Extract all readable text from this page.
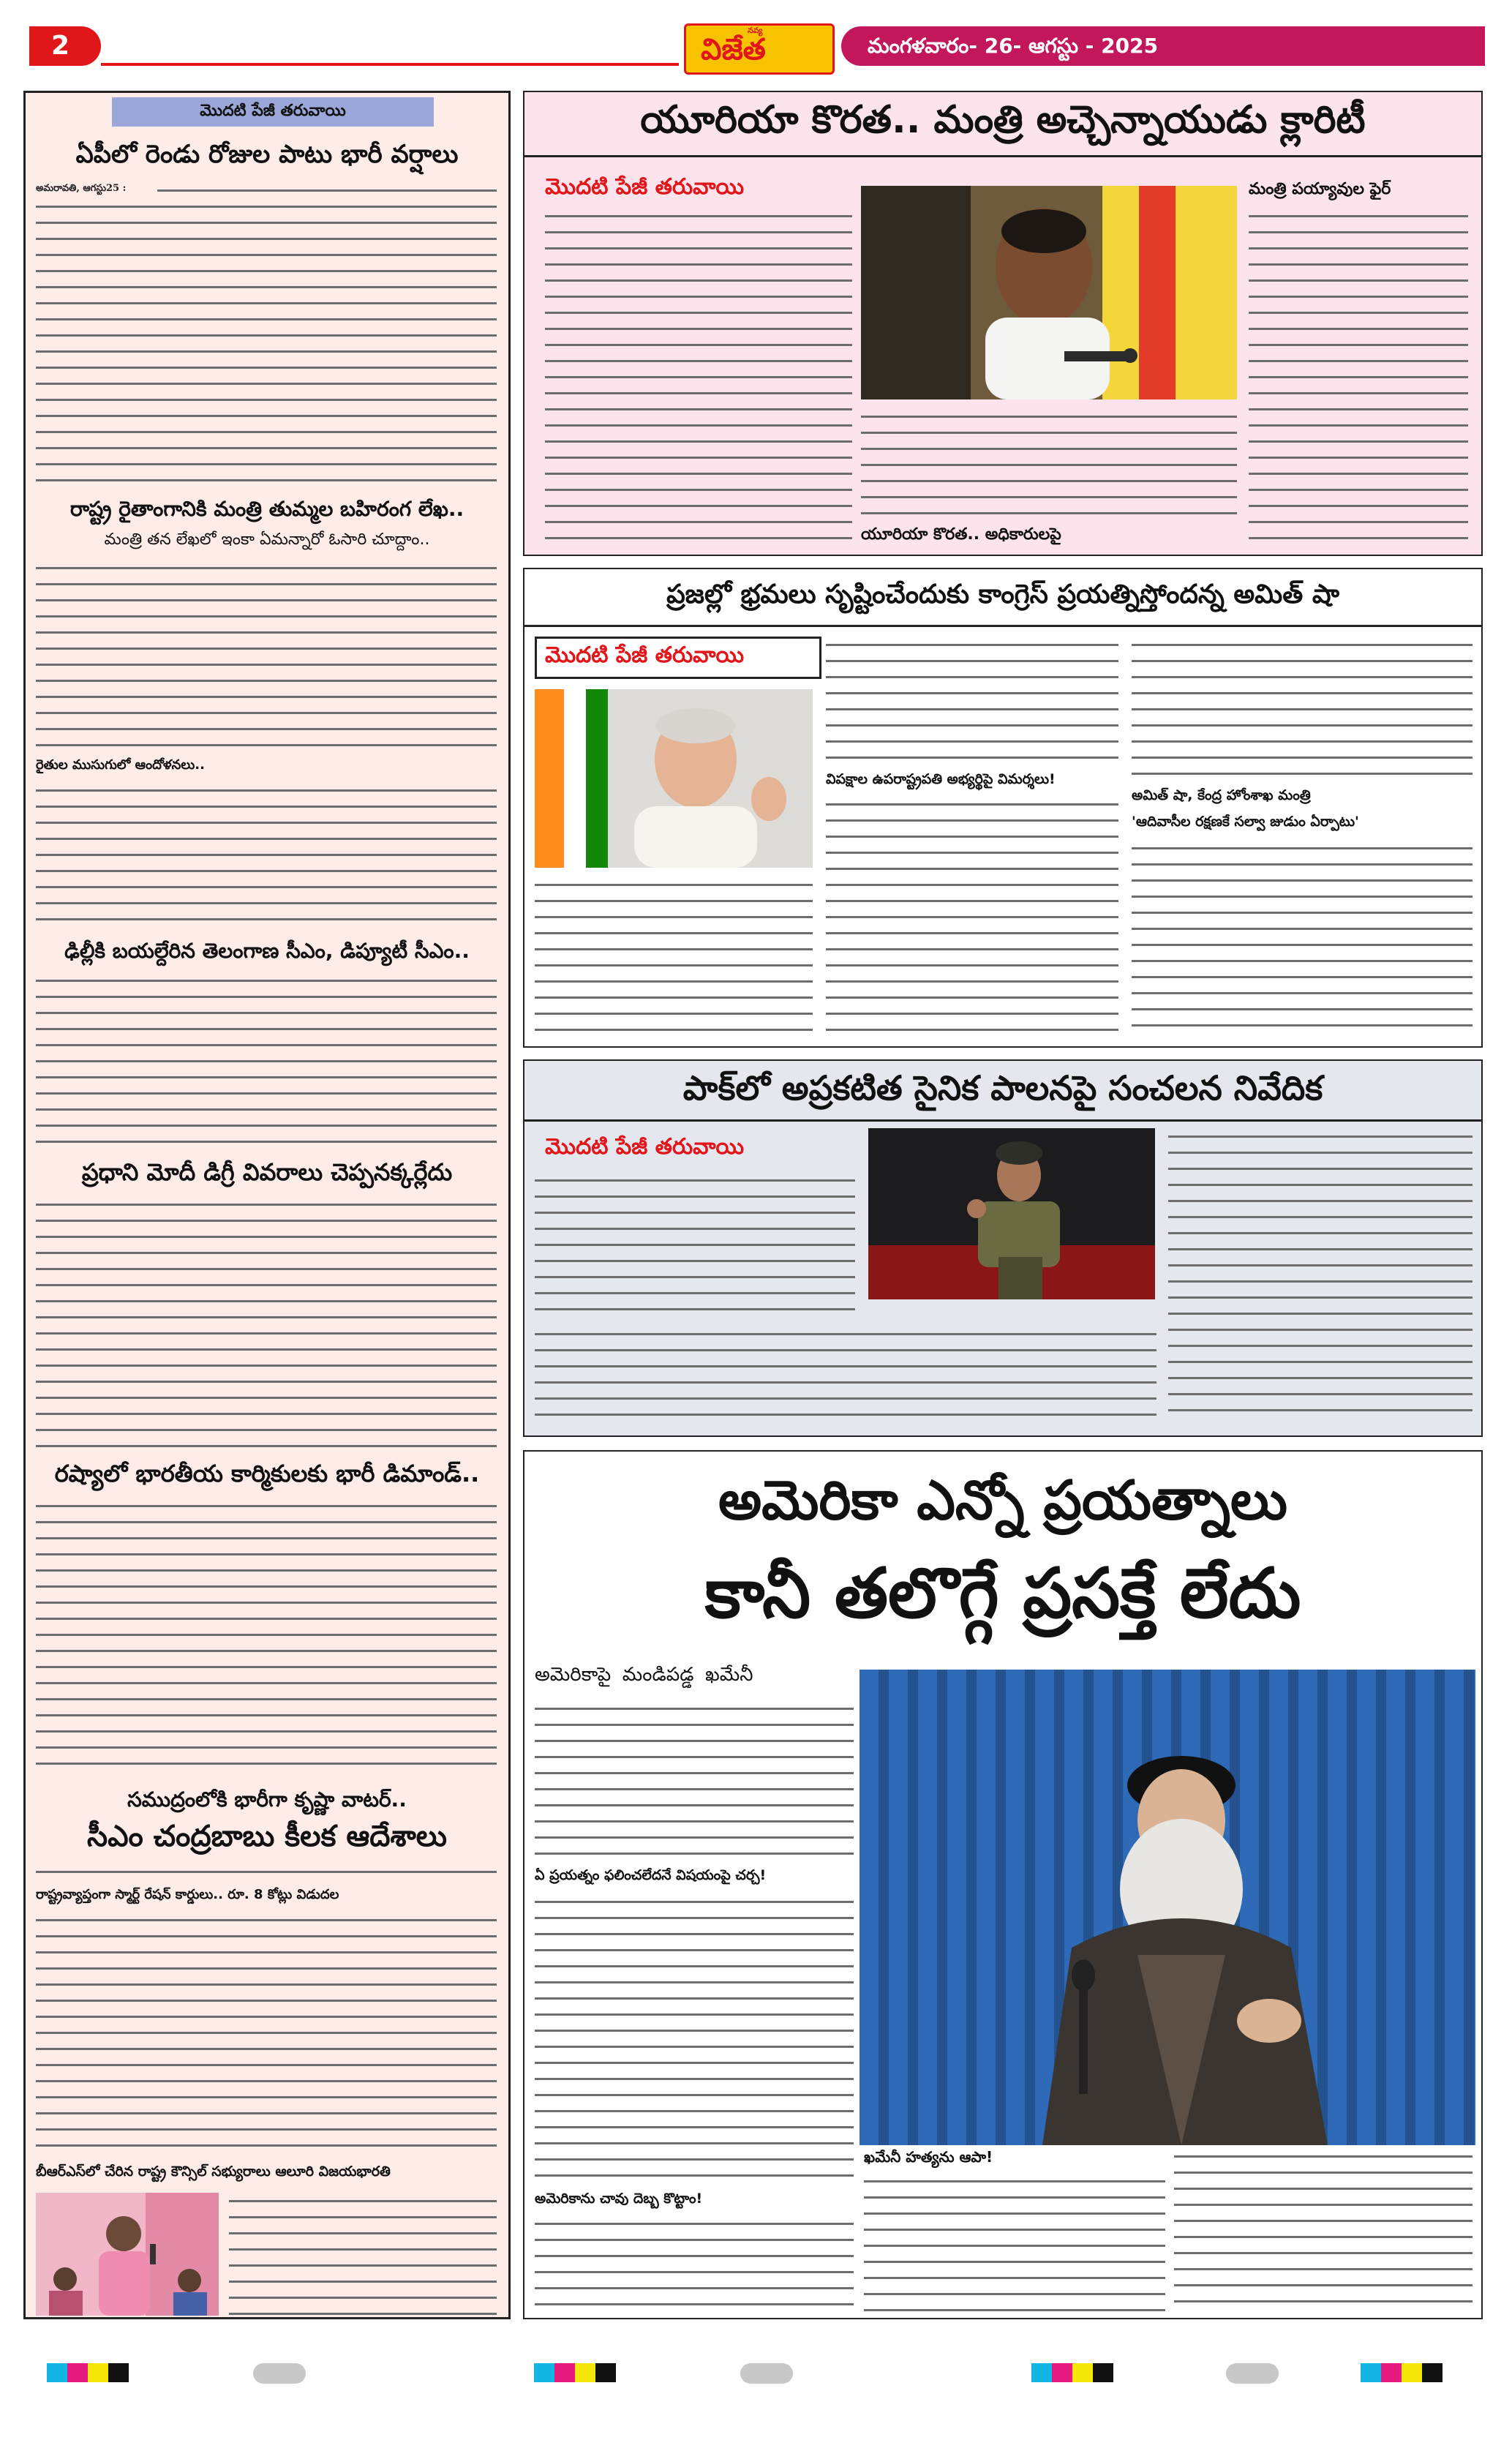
2
నవ్య
విజేత	మంగళవారం- 26- ఆగస్టు - 2025
మొదటి పేజీ తరువాయి
ఏపీలో రెండు రోజుల పాటు భారీ వర్షాలు
అమరావతి, ఆగస్టు25 :
రాష్ట్ర రైతాంగానికి మంత్రి తుమ్మల బహిరంగ లేఖ..
మంత్రి తన లేఖలో ఇంకా ఏమన్నారో ఓసారి చూద్దాం..
రైతుల ముసుగులో ఆందోళనలు..
ఢిల్లీకి బయల్దేరిన తెలంగాణ సీఎం, డిప్యూటీ సీఎం..
ప్రధాని మోదీ డిగ్రీ వివరాలు చెప్పనక్కర్లేదు
రష్యాలో భారతీయ కార్మికులకు భారీ డిమాండ్..
సముద్రంలోకి భారీగా కృష్ణా వాటర్..
సీఎం చంద్రబాబు కీలక ఆదేశాలు
రాష్ట్రవ్యాప్తంగా స్మార్ట్ రేషన్ కార్డులు.. రూ. 8 కోట్లు విడుదల
బీఆర్ఎస్‌లో చేరిన రాష్ట్ర కౌన్సిల్ సభ్యురాలు ఆలూరి విజయభారతి
యూరియా కొరత.. మంత్రి అచ్చెన్నాయుడు క్లారిటీ
మొదటి పేజీ తరువాయి
యూరియా కొరత.. అధికారులపై
మంత్రి పయ్యావుల ఫైర్
ప్రజల్లో భ్రమలు సృష్టించేందుకు కాంగ్రెస్ ప్రయత్నిస్తోందన్న అమిత్ షా
మొదటి పేజీ తరువాయి
విపక్షాల ఉపరాష్ట్రపతి అభ్యర్థిపై విమర్శలు!
అమిత్ షా, కేంద్ర హోంశాఖ మంత్రి
'ఆదివాసీల రక్షణకే సల్వా జుడుం ఏర్పాటు'
పాక్‌లో అప్రకటిత సైనిక పాలనపై సంచలన నివేదిక
మొదటి పేజీ తరువాయి
అమెరికా ఎన్నో ప్రయత్నాలు
కానీ తలొగ్గే ప్రసక్తే లేదు
అమెరికాపై మండిపడ్డ ఖమేనీ
ఏ ప్రయత్నం ఫలించలేదనే విషయంపై చర్చ!
అమెరికాను చావు దెబ్బ కొట్టాం!
ఖమేనీ హత్యను ఆపా!
